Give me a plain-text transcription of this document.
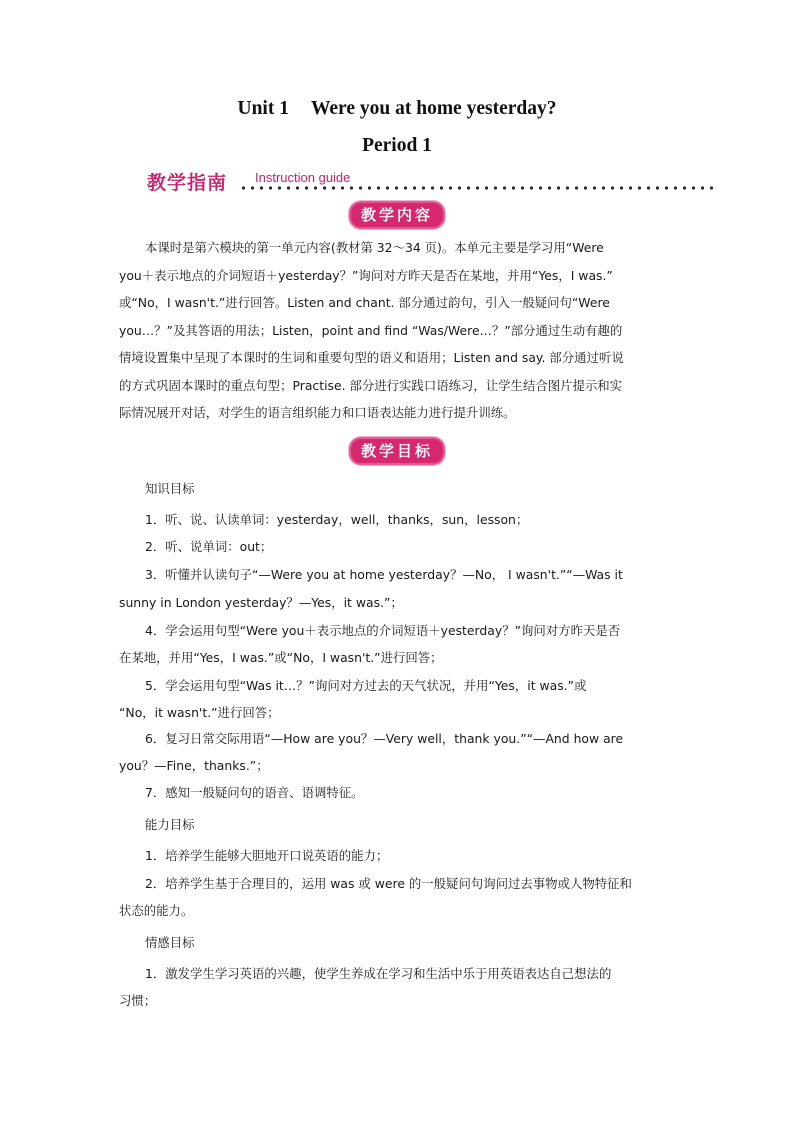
Unit 1 Were you at home yesterday?
Period 1
教学指南 Instruction guide
教学内容
本课时是第六模块的第一单元内容(教材第 32～34 页)。本单元主要是学习用“Were
you＋表示地点的介词短语＋yesterday？”询问对方昨天是否在某地，并用“Yes，I was.”
或“No，I wasn't.”进行回答。Listen and chant. 部分通过韵句，引入一般疑问句“Were
you…？”及其答语的用法；Listen，point and find “Was/Were…？”部分通过生动有趣的
情境设置集中呈现了本课时的生词和重要句型的语义和语用；Listen and say. 部分通过听说
的方式巩固本课时的重点句型；Practise. 部分进行实践口语练习，让学生结合图片提示和实
际情况展开对话，对学生的语言组织能力和口语表达能力进行提升训练。
教学目标
知识目标
1．听、说、认读单词：yesterday，well，thanks，sun，lesson；
2．听、说单词：out；
3．听懂并认读句子“—Were you at home yesterday？—No， I wasn't.”“—Was it
sunny in London yesterday？—Yes，it was.”；
4．学会运用句型“Were you＋表示地点的介词短语＋yesterday？”询问对方昨天是否
在某地，并用“Yes，I was.”或“No，I wasn't.”进行回答；
5．学会运用句型“Was it…？”询问对方过去的天气状况，并用“Yes，it was.”或
“No，it wasn't.”进行回答；
6．复习日常交际用语“—How are you？—Very well，thank you.”“—And how are
you？—Fine，thanks.”；
7．感知一般疑问句的语音、语调特征。
能力目标
1．培养学生能够大胆地开口说英语的能力；
2．培养学生基于合理目的，运用 was 或 were 的一般疑问句询问过去事物或人物特征和
状态的能力。
情感目标
1．激发学生学习英语的兴趣，使学生养成在学习和生活中乐于用英语表达自己想法的
习惯；
